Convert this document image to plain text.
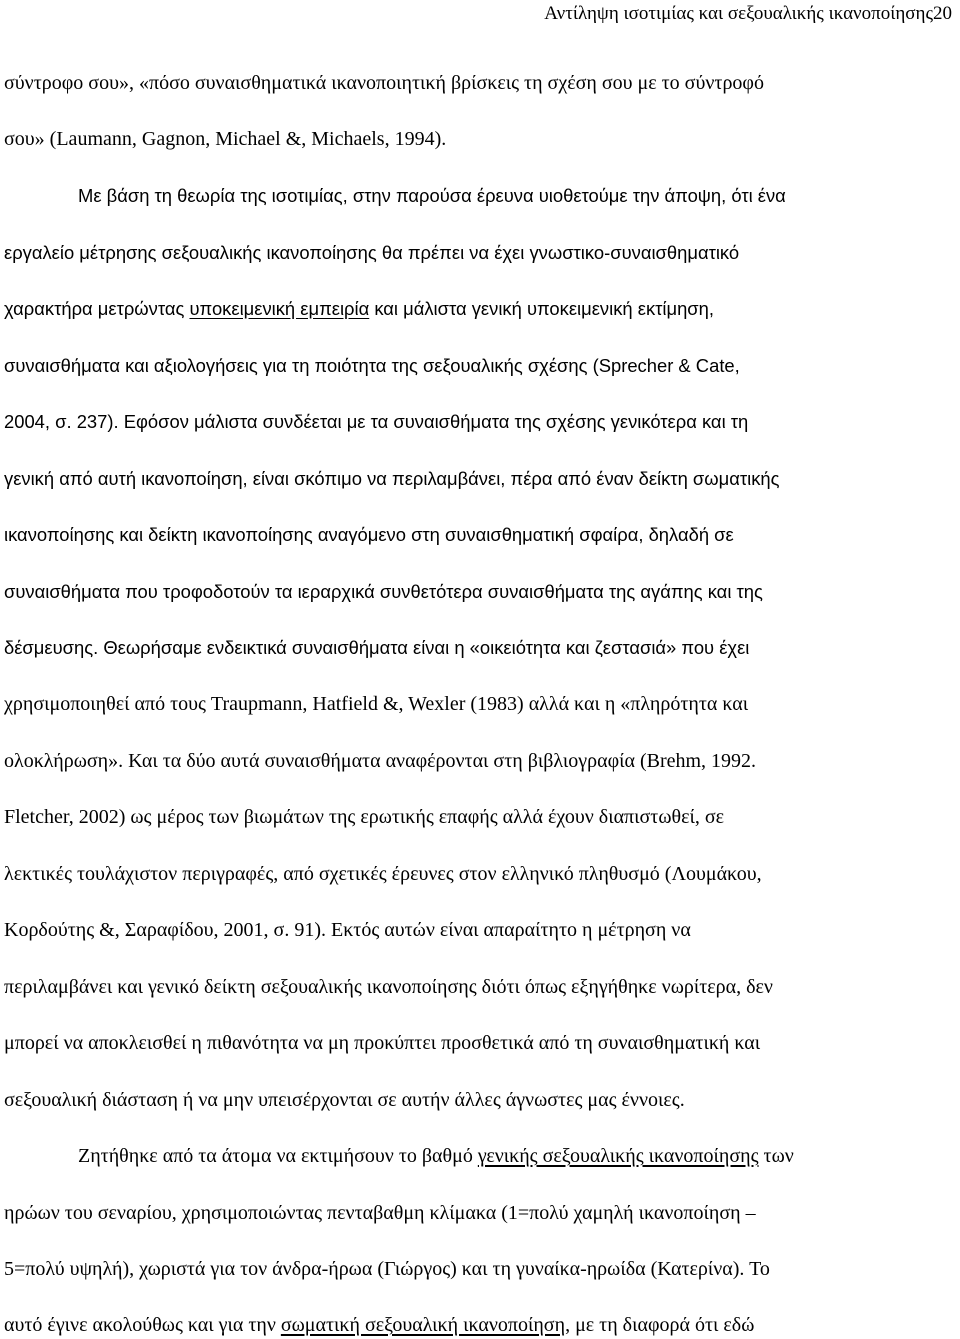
Αντίληψη ισοτιμίας και σεξουαλικής ικανοποίησης20
σύντροφο σου», «πόσο συναισθηματικά ικανοποιητική βρίσκεις τη σχέση σου με το σύντροφό
σου» (Laumann, Gagnon, Michael &, Michaels, 1994).
Με βάση τη θεωρία της ισοτιμίας, στην παρούσα έρευνα υιοθετούμε την άποψη, ότι ένα
εργαλείο μέτρησης σεξουαλικής ικανοποίησης θα πρέπει να έχει γνωστικο-συναισθηματικό
χαρακτήρα μετρώντας υποκειμενική εμπειρία και μάλιστα γενική υποκειμενική εκτίμηση,
συναισθήματα και αξιολογήσεις για τη ποιότητα της σεξουαλικής σχέσης (Sprecher & Cate,
2004, σ. 237). Εφόσον μάλιστα συνδέεται με τα συναισθήματα της σχέσης γενικότερα και τη
γενική από αυτή ικανοποίηση, είναι σκόπιμο να περιλαμβάνει, πέρα από έναν δείκτη σωματικής
ικανοποίησης και δείκτη ικανοποίησης αναγόμενο στη συναισθηματική σφαίρα, δηλαδή σε
συναισθήματα που τροφοδοτούν τα ιεραρχικά συνθετότερα συναισθήματα της αγάπης και της
δέσμευσης. Θεωρήσαμε ενδεικτικά συναισθήματα είναι η «οικειότητα και ζεστασιά» που έχει
χρησιμοποιηθεί από τους Traupmann, Hatfield &, Wexler (1983) αλλά και η «πληρότητα και
ολοκλήρωση». Και τα δύο αυτά συναισθήματα αναφέρονται στη βιβλιογραφία (Brehm, 1992.
Fletcher, 2002) ως μέρος των βιωμάτων της ερωτικής επαφής αλλά έχουν διαπιστωθεί, σε
λεκτικές τουλάχιστον περιγραφές, από σχετικές έρευνες στον ελληνικό πληθυσμό (Λουμάκου,
Κορδούτης &, Σαραφίδου, 2001, σ. 91). Εκτός αυτών είναι απαραίτητο η μέτρηση να
περιλαμβάνει και γενικό δείκτη σεξουαλικής ικανοποίησης διότι όπως εξηγήθηκε νωρίτερα, δεν
μπορεί να αποκλεισθεί η πιθανότητα να μη προκύπτει προσθετικά από τη συναισθηματική και
σεξουαλική διάσταση ή να μην υπεισέρχονται σε αυτήν άλλες άγνωστες μας έννοιες.
Ζητήθηκε από τα άτομα να εκτιμήσουν το βαθμό γενικής σεξουαλικής ικανοποίησης των
ηρώων του σεναρίου, χρησιμοποιώντας πενταβαθμη κλίμακα (1=πολύ χαμηλή ικανοποίηση –
5=πολύ υψηλή), χωριστά για τον άνδρα-ήρωα (Γιώργος) και τη γυναίκα-ηρωίδα (Κατερίνα). Το
αυτό έγινε ακολούθως και για την σωματική σεξουαλική ικανοποίηση, με τη διαφορά ότι εδώ
